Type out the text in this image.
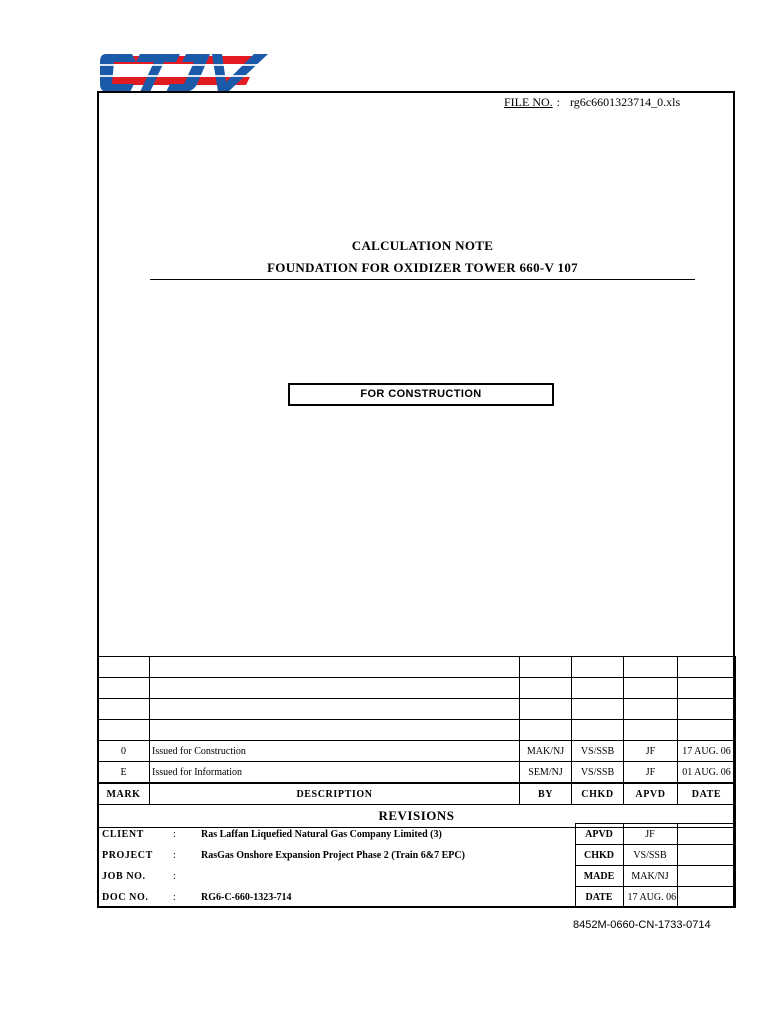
FILE NO. : rg6c6601323714_0.xls
CALCULATION NOTE
FOUNDATION FOR OXIDIZER TOWER 660-V 107
FOR CONSTRUCTION

0	Issued for Construction	MAK/NJ	VS/SSB	JF	17 AUG. 06
E	Issued for Information	SEM/NJ	VS/SSB	JF	01 AUG. 06
MARK	DESCRIPTION	BY	CHKD	APVD	DATE
REVISIONS					
CLIENT	:	Ras Laffan Liquefied Natural Gas Company Limited (3)	APVD	JF	
PROJECT	:	RasGas Onshore Expansion Project Phase 2 (Train 6&7 EPC)	CHKD	VS/SSB	
JOB NO.	:		MADE	MAK/NJ	
DOC NO.	:	RG6-C-660-1323-714	DATE	17 AUG. 06	
8452M-0660-CN-1733-0714
